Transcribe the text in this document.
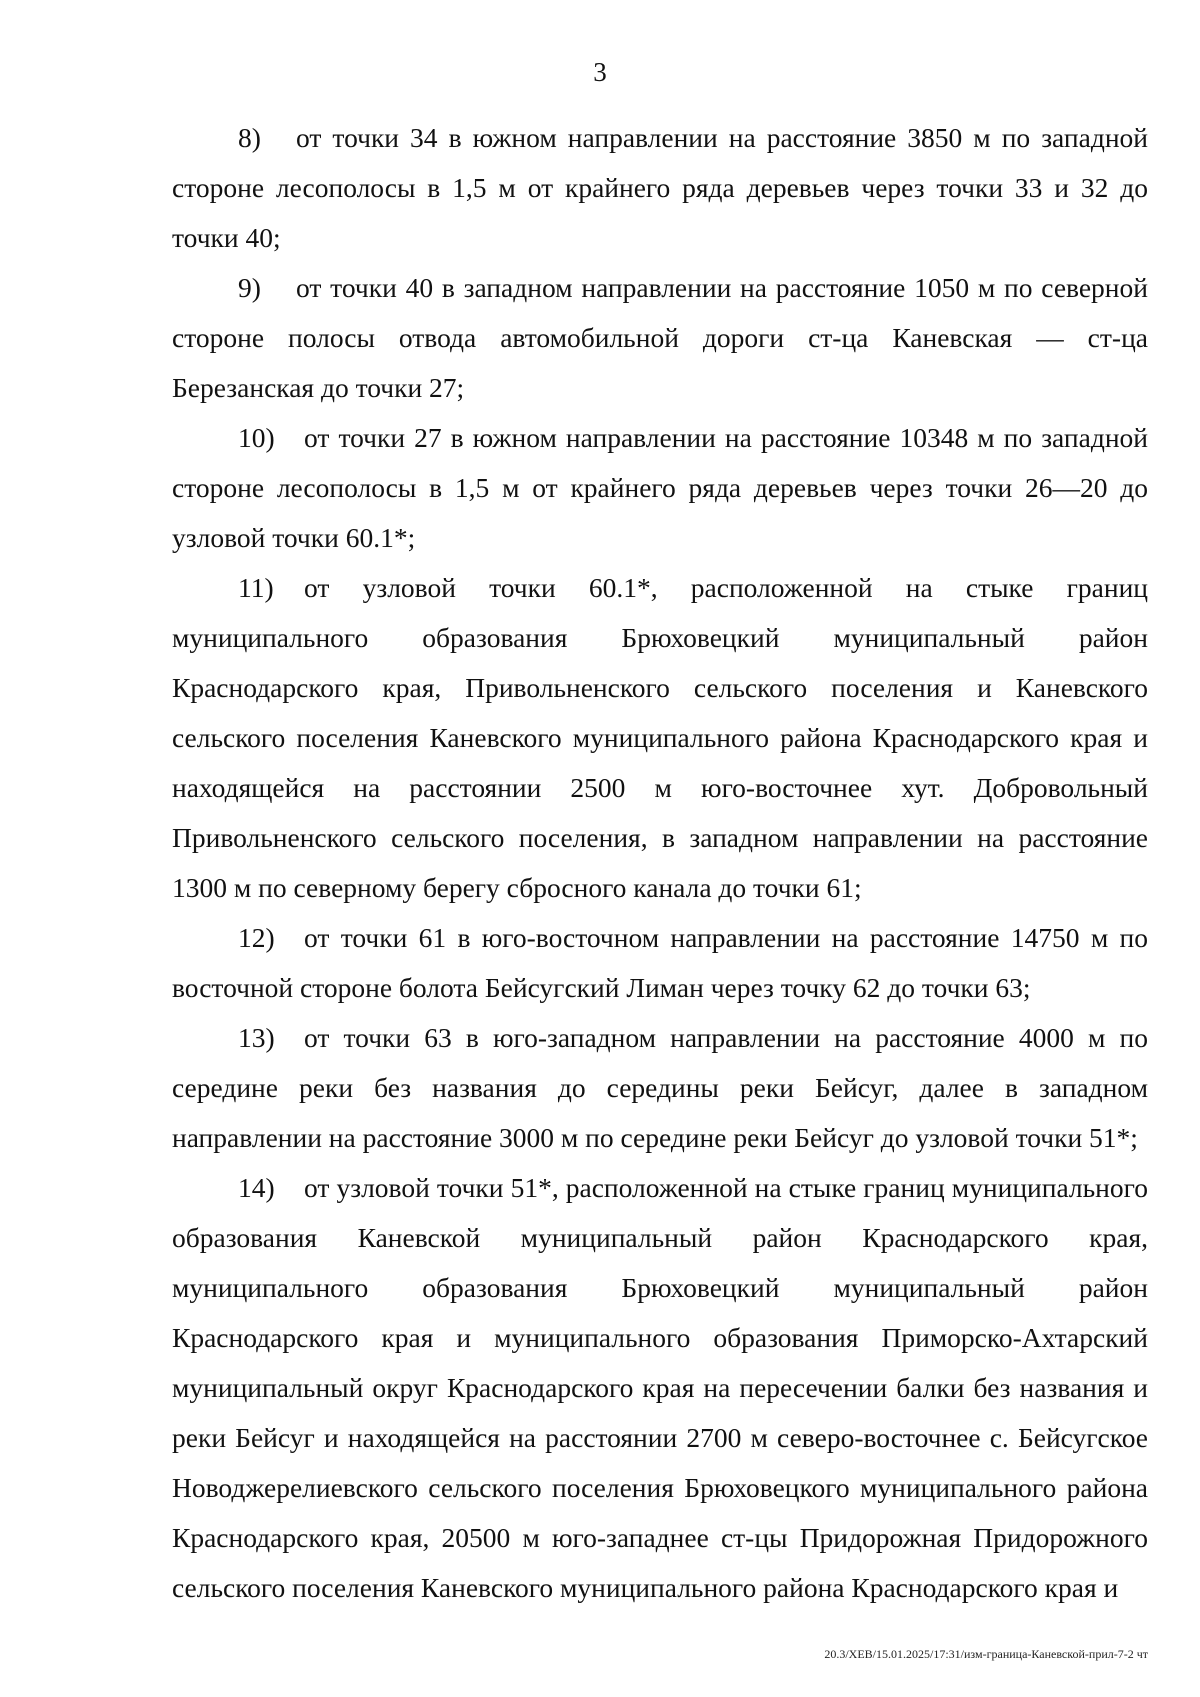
3

8) от точки 34 в южном направлении на расстояние 3850 м по западной стороне лесополосы в 1,5 м от крайнего ряда деревьев через точки 33 и 32 до точки 40;

9) от точки 40 в западном направлении на расстояние 1050 м по северной стороне полосы отвода автомобильной дороги ст-ца Каневская — ст-ца Березанская до точки 27;

10) от точки 27 в южном направлении на расстояние 10348 м по западной стороне лесополосы в 1,5 м от крайнего ряда деревьев через точки 26—20 до узловой точки 60.1*;

11) от узловой точки 60.1*, расположенной на стыке границ муниципального образования Брюховецкий муниципальный район Краснодарского края, Привольненского сельского поселения и Каневского сельского поселения Каневского муниципального района Краснодарского края и находящейся на расстоянии 2500 м юго-восточнее хут. Добровольный Привольненского сельского поселения, в западном направлении на расстояние 1300 м по северному берегу сбросного канала до точки 61;

12) от точки 61 в юго-восточном направлении на расстояние 14750 м по восточной стороне болота Бейсугский Лиман через точку 62 до точки 63;

13) от точки 63 в юго-западном направлении на расстояние 4000 м по середине реки без названия до середины реки Бейсуг, далее в западном направлении на расстояние 3000 м по середине реки Бейсуг до узловой точки 51*;

14) от узловой точки 51*, расположенной на стыке границ муниципального образования Каневской муниципальный район Краснодарского края, муниципального образования Брюховецкий муниципальный район Краснодарского края и муниципального образования Приморско-Ахтарский муниципальный округ Краснодарского края на пересечении балки без названия и реки Бейсуг и находящейся на расстоянии 2700 м северо-восточнее с. Бейсугское Новоджерелиевского сельского поселения Брюховецкого муниципального района Краснодарского края, 20500 м юго-западнее ст-цы Придорожная Придорожного сельского поселения Каневского муниципального района Краснодарского края и

20.3/ХЕВ/15.01.2025/17:31/изм-граница-Каневской-прил-7-2 чт
